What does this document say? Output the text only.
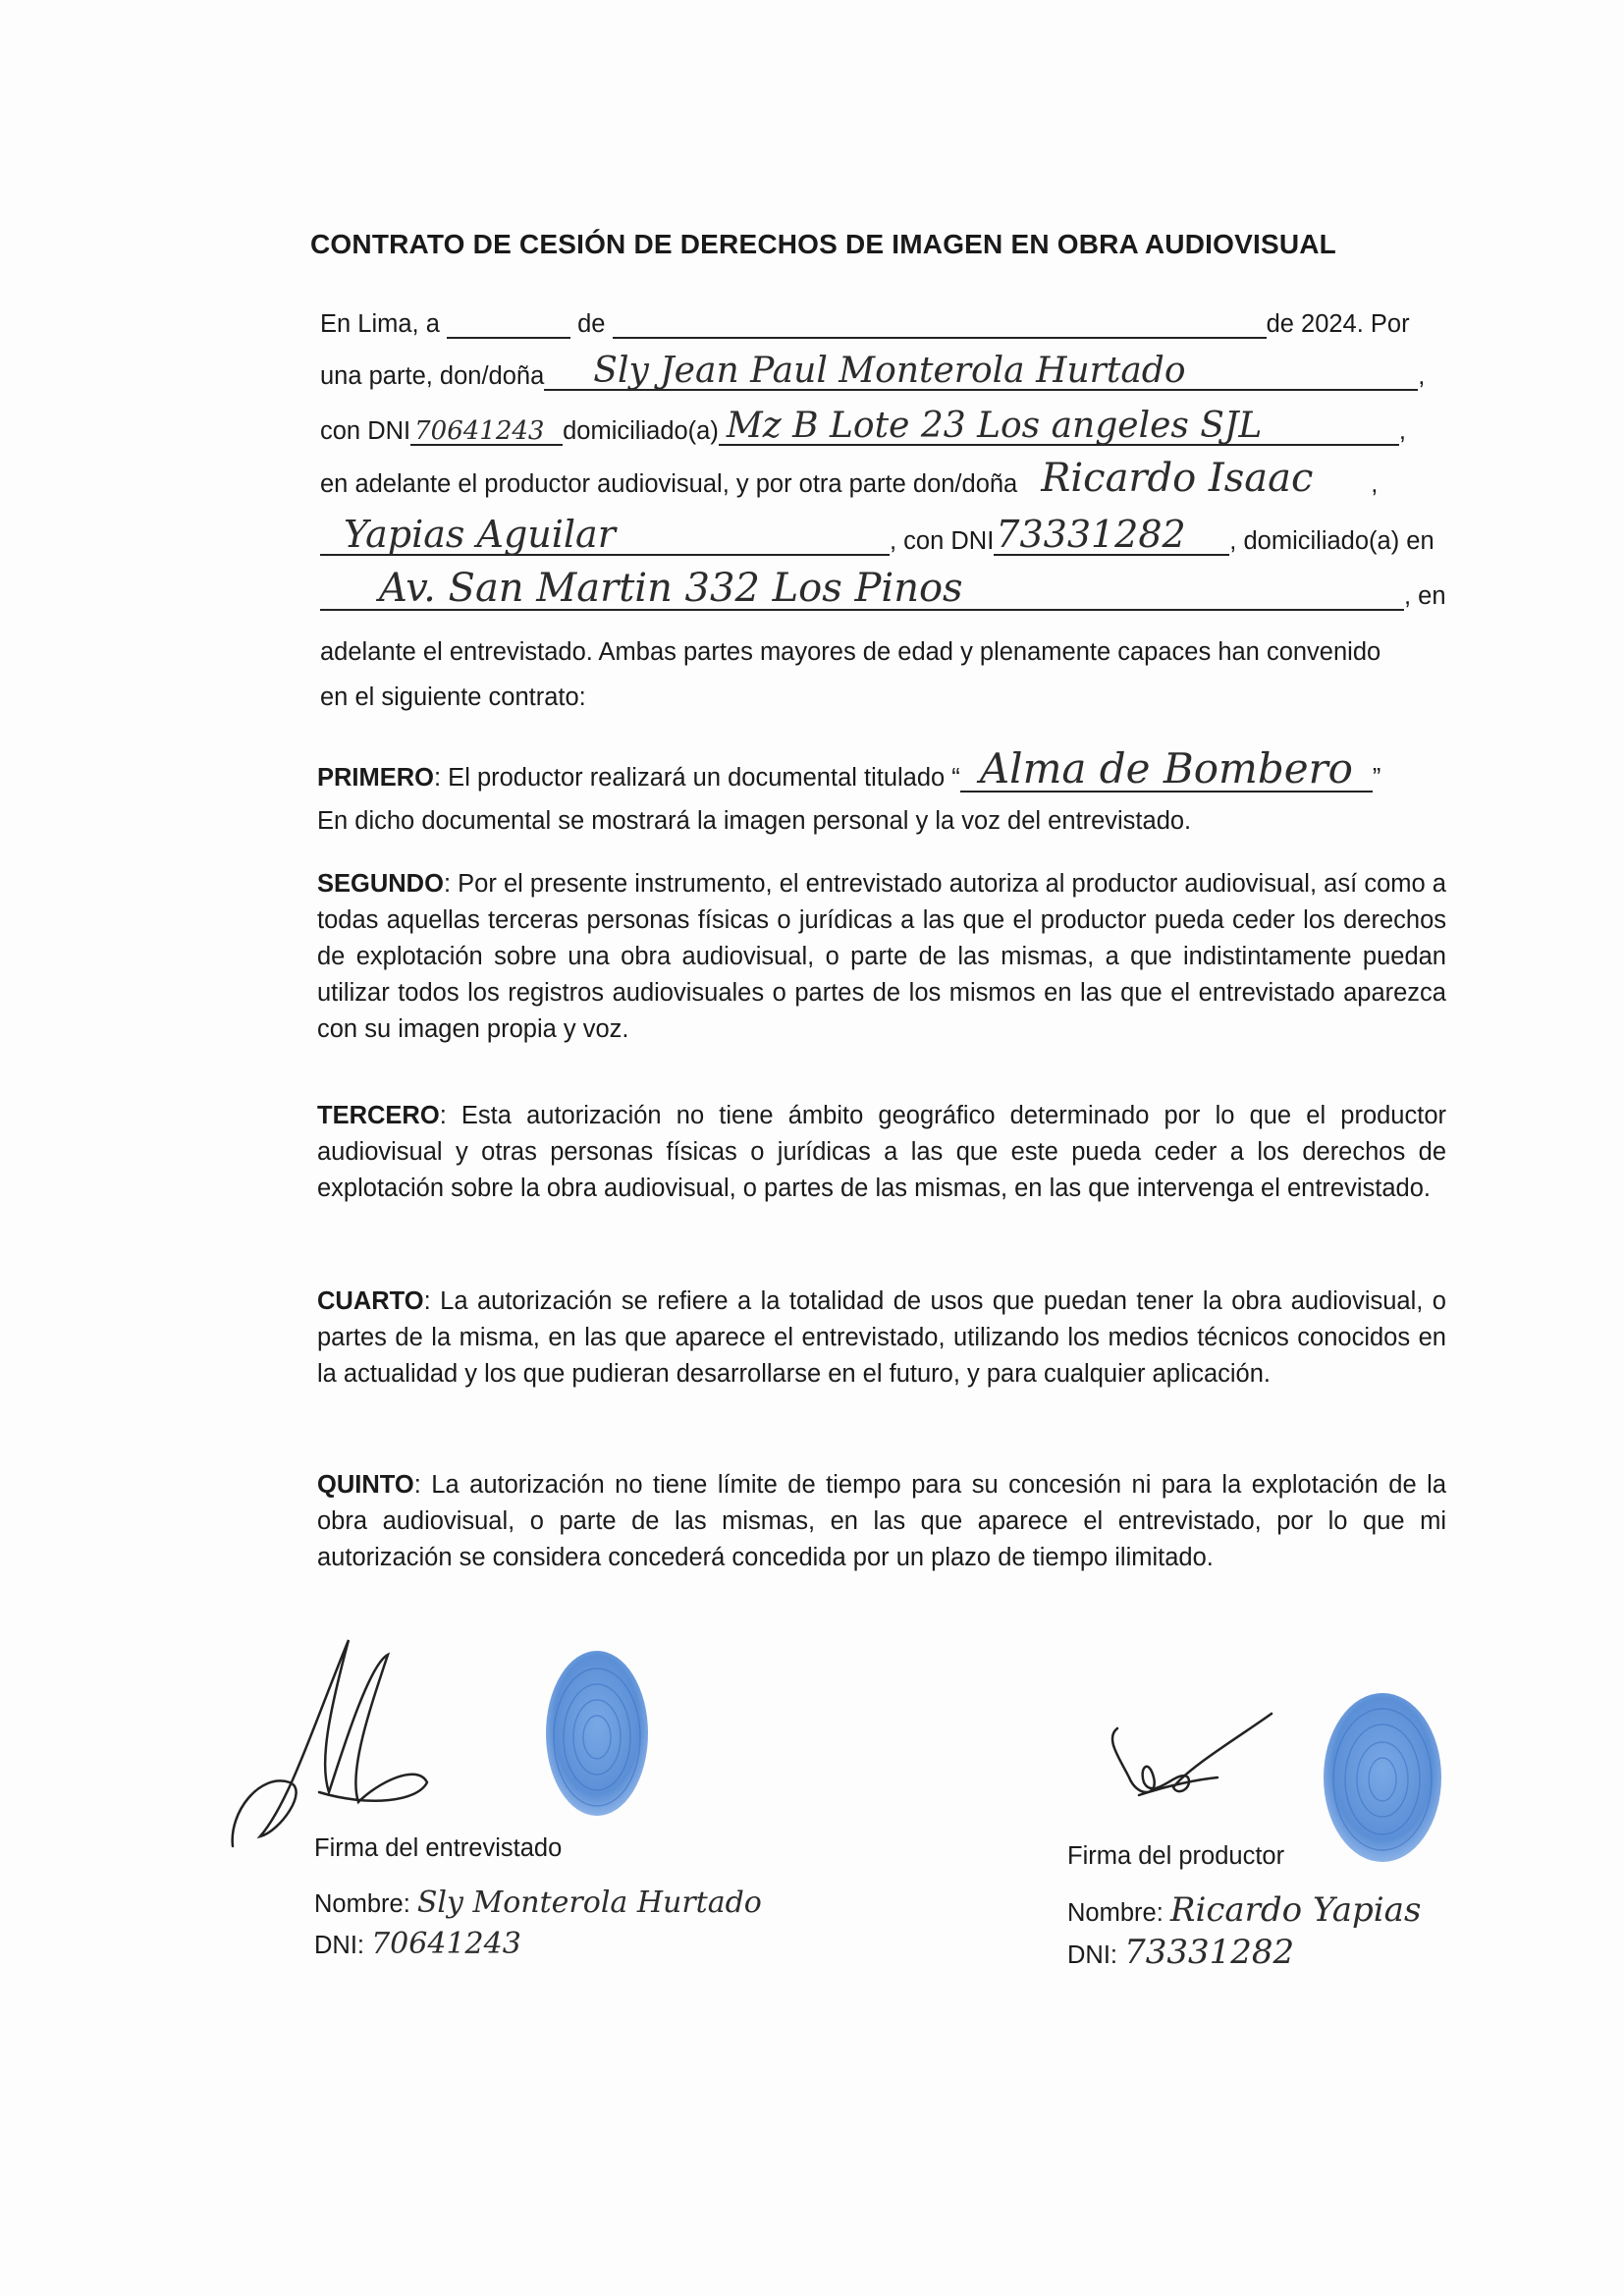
CONTRATO DE CESIÓN DE DERECHOS DE IMAGEN EN OBRA AUDIOVISUAL
En Lima, a	de	de 2024. Por
una parte, don/doña Sly Jean Paul Monterola Hurtado	,
con DNI 70641243 domiciliado(a) Mz B Lote 23 Los angeles SJL	,
en adelante el productor audiovisual, y por otra parte don/doña Ricardo Isaac ,
Yapias Aguilar	, con DNI 73331282 , domiciliado(a) en
Av. San Martin 332 Los Pinos	, en
adelante el entrevistado. Ambas partes mayores de edad y plenamente capaces han convenido
en el siguiente contrato:
PRIMERO: El productor realizará un documental titulado “ Alma de Bombero ”
En dicho documental se mostrará la imagen personal y la voz del entrevistado.
SEGUNDO: Por el presente instrumento, el entrevistado autoriza al productor audiovisual, así como a todas aquellas terceras personas físicas o jurídicas a las que el productor pueda ceder los derechos de explotación sobre una obra audiovisual, o parte de las mismas, a que indistintamente puedan utilizar todos los registros audiovisuales o partes de los mismos en las que el entrevistado aparezca con su imagen propia y voz.
TERCERO: Esta autorización no tiene ámbito geográfico determinado por lo que el productor audiovisual y otras personas físicas o jurídicas a las que este pueda ceder a los derechos de explotación sobre la obra audiovisual, o partes de las mismas, en las que intervenga el entrevistado.
CUARTO: La autorización se refiere a la totalidad de usos que puedan tener la obra audiovisual, o partes de la misma, en las que aparece el entrevistado, utilizando los medios técnicos conocidos en la actualidad y los que pudieran desarrollarse en el futuro, y para cualquier aplicación.
QUINTO: La autorización no tiene límite de tiempo para su concesión ni para la explotación de la obra audiovisual, o parte de las mismas, en las que aparece el entrevistado, por lo que mi autorización se considera concederá concedida por un plazo de tiempo ilimitado.
Firma del entrevistado
Nombre: Sly Monterola Hurtado
DNI: 70641243
Firma del productor
Nombre: Ricardo Yapias
DNI: 73331282
